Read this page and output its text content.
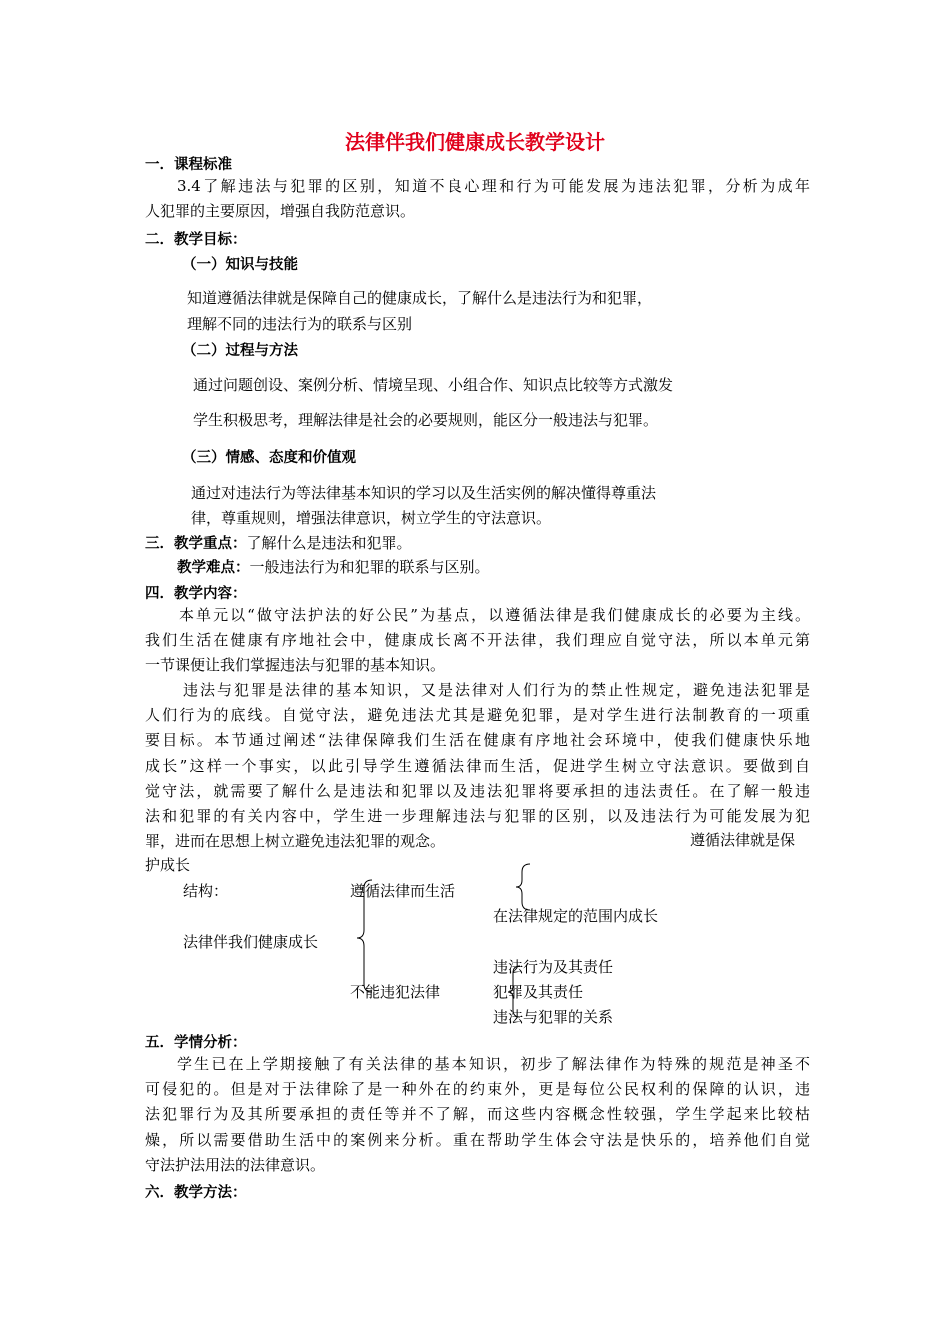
法律伴我们健康成长教学设计
一．课程标准
3.4了解违法与犯罪的区别，知道不良心理和行为可能发展为违法犯罪，分析为成年
人犯罪的主要原因，增强自我防范意识。
二．教学目标：
（一）知识与技能
知道遵循法律就是保障自己的健康成长，了解什么是违法行为和犯罪，
理解不同的违法行为的联系与区别
（二）过程与方法
通过问题创设、案例分析、情境呈现、小组合作、知识点比较等方式激发
学生积极思考，理解法律是社会的必要规则，能区分一般违法与犯罪。
（三）情感、态度和价值观
通过对违法行为等法律基本知识的学习以及生活实例的解决懂得尊重法
律，尊重规则，增强法律意识，树立学生的守法意识。
三．教学重点：了解什么是违法和犯罪。
教学难点：一般违法行为和犯罪的联系与区别。
四．教学内容：
本单元以“做守法护法的好公民”为基点，以遵循法律是我们健康成长的必要为主线。
我们生活在健康有序地社会中，健康成长离不开法律，我们理应自觉守法，所以本单元第
一节课便让我们掌握违法与犯罪的基本知识。
违法与犯罪是法律的基本知识，又是法律对人们行为的禁止性规定，避免违法犯罪是
人们行为的底线。自觉守法，避免违法尤其是避免犯罪，是对学生进行法制教育的一项重
要目标。本节通过阐述“法律保障我们生活在健康有序地社会环境中，使我们健康快乐地
成长”这样一个事实，以此引导学生遵循法律而生活，促进学生树立守法意识。要做到自
觉守法，就需要了解什么是违法和犯罪以及违法犯罪将要承担的违法责任。在了解一般违
法和犯罪的有关内容中，学生进一步理解违法与犯罪的区别，以及违法行为可能发展为犯
罪，进而在思想上树立避免违法犯罪的观念。	遵循法律就是保
护成长
结构：	遵循法律而生活
在法律规定的范围内成长
法律伴我们健康成长
违法行为及其责任
不能违犯法律	犯罪及其责任
违法与犯罪的关系
五．学情分析：
学生已在上学期接触了有关法律的基本知识，初步了解法律作为特殊的规范是神圣不
可侵犯的。但是对于法律除了是一种外在的约束外，更是每位公民权利的保障的认识，违
法犯罪行为及其所要承担的责任等并不了解，而这些内容概念性较强，学生学起来比较枯
燥，所以需要借助生活中的案例来分析。重在帮助学生体会守法是快乐的，培养他们自觉
守法护法用法的法律意识。
六．教学方法：
